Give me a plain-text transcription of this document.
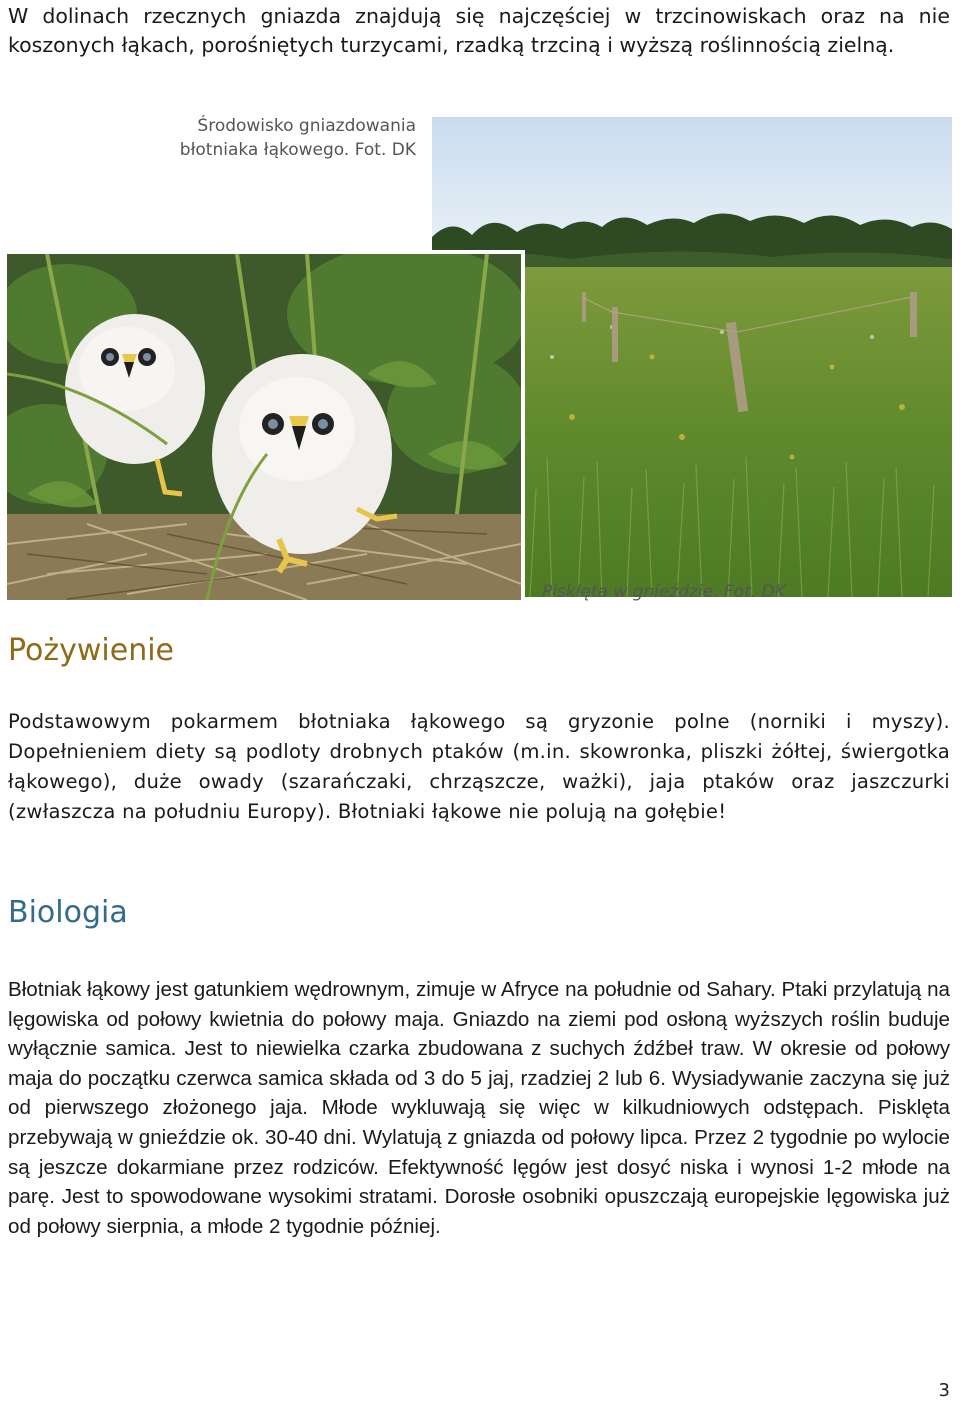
W dolinach rzecznych gniazda znajdują się najczęściej w trzcinowiskach oraz na nie koszonych łąkach, porośniętych turzycami, rzadką trzciną i wyższą roślinnością zielną.

Środowisko gniazdowania błotniaka łąkowego. Fot. DK

Pisklęta w gnieździe. Fot. DK

Pożywienie

Podstawowym pokarmem błotniaka łąkowego są gryzonie polne (norniki i myszy). Dopełnieniem diety są podloty drobnych ptaków (m.in. skowronka, pliszki żółtej, świergotka łąkowego), duże owady (szarańczaki, chrząszcze, ważki), jaja ptaków oraz jaszczurki (zwłaszcza na południu Europy). Błotniaki łąkowe nie polują na gołębie!

Biologia

Błotniak łąkowy jest gatunkiem wędrownym, zimuje w Afryce na południe od Sahary. Ptaki przylatują na lęgowiska od połowy kwietnia do połowy maja. Gniazdo na ziemi pod osłoną wyższych roślin buduje wyłącznie samica. Jest to niewielka czarka zbudowana z suchych źdźbeł traw. W okresie od połowy maja do początku czerwca samica składa od 3 do 5 jaj, rzadziej 2 lub 6. Wysiadywanie zaczyna się już od pierwszego złożonego jaja. Młode wykluwają się więc w kilkudniowych odstępach. Pisklęta przebywają w gnieździe ok. 30-40 dni. Wylatują z gniazda od połowy lipca. Przez 2 tygodnie po wylocie są jeszcze dokarmiane przez rodziców. Efektywność lęgów jest dosyć niska i wynosi 1-2 młode na parę. Jest to spowodowane wysokimi stratami. Dorosłe osobniki opuszczają europejskie lęgowiska już od połowy sierpnia, a młode 2 tygodnie później.

3
